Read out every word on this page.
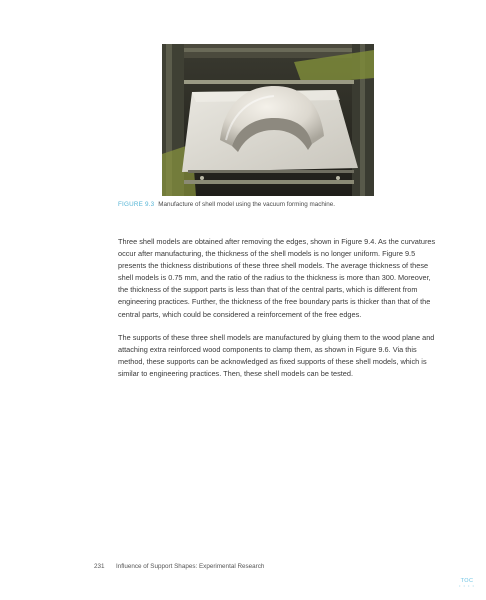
FIGURE 9.3 Manufacture of shell model using the vacuum forming machine.

Three shell models are obtained after removing the edges, shown in Figure 9.4. As the curvatures occur after manufacturing, the thickness of the shell models is no longer uniform. Figure 9.5 presents the thickness distributions of these three shell models. The average thickness of these shell models is 0.75 mm, and the ratio of the radius to the thickness is more than 300. Moreover, the thickness of the support parts is less than that of the central parts, which is different from engineering practices. Further, the thickness of the free boundary parts is thicker than that of the central parts, which could be considered a reinforcement of the free edges.

The supports of these three shell models are manufactured by gluing them to the wood plane and attaching extra reinforced wood components to clamp them, as shown in Figure 9.6. Via this method, these supports can be acknowledged as fixed supports of these shell models, which is similar to engineering practices. Then, these shell models can be tested.

231 Influence of Support Shapes: Experimental Research
TOC
• • • •
